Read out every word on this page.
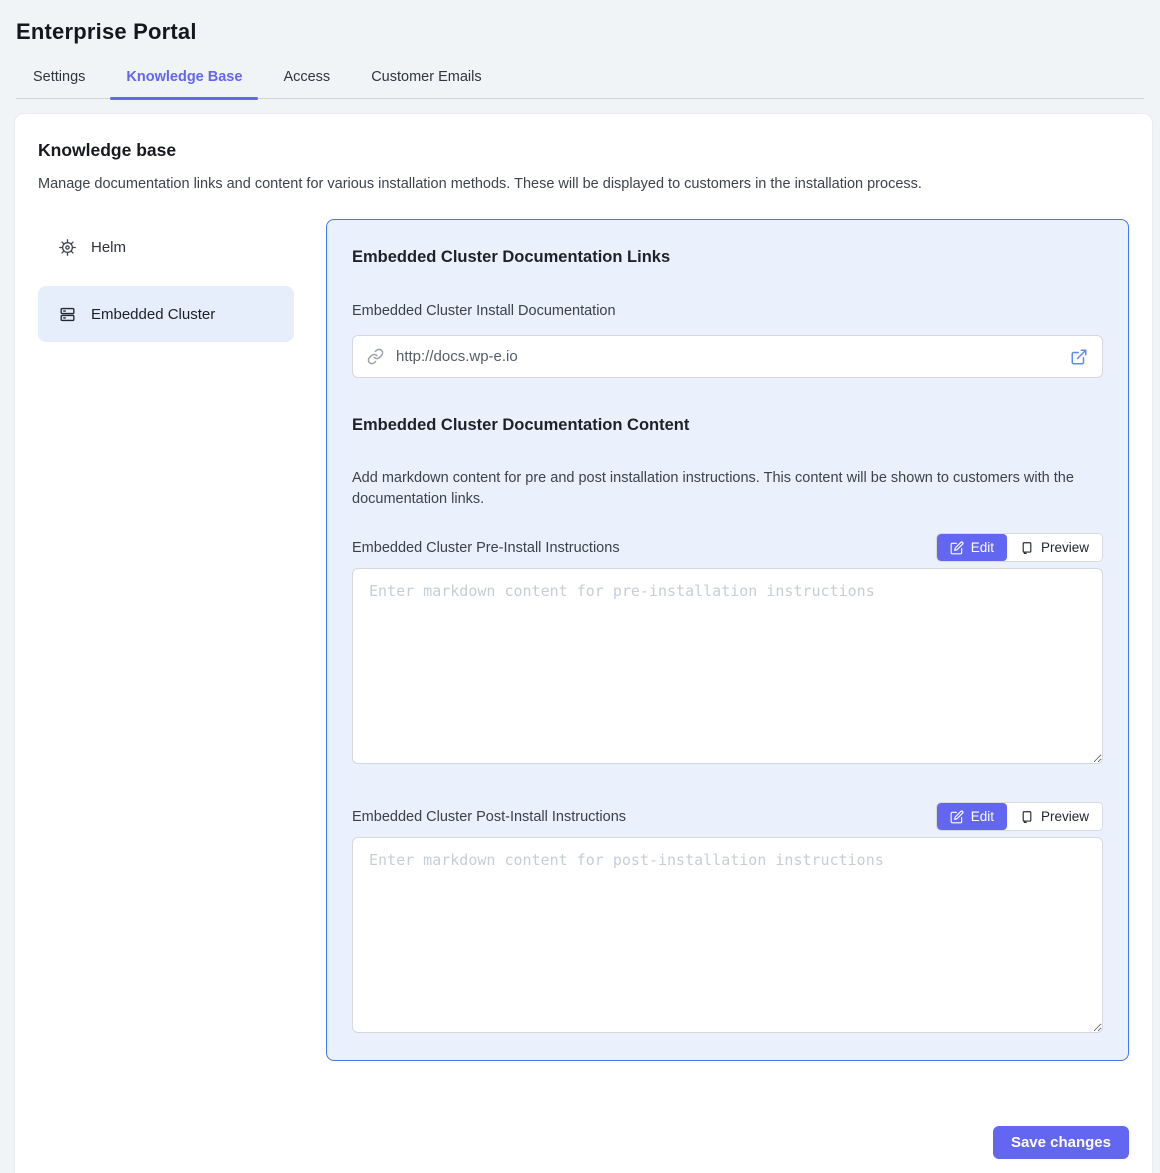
Enterprise Portal
Settings	Knowledge Base	Access	Customer Emails
Knowledge base

Manage documentation links and content for various installation methods. These will be displayed to customers in the installation process.

Helm
Embedded Cluster
Embedded Cluster Documentation Links
Embedded Cluster Install Documentation
http://docs.wp-e.io
Embedded Cluster Documentation Content

Add markdown content for pre and post installation instructions. This content will be shown to customers with the documentation links.

Embedded Cluster Pre-Install Instructions	Edit	Preview
Enter markdown content for pre-installation instructions
Embedded Cluster Post-Install Instructions	Edit	Preview
Enter markdown content for post-installation instructions
Save changes
